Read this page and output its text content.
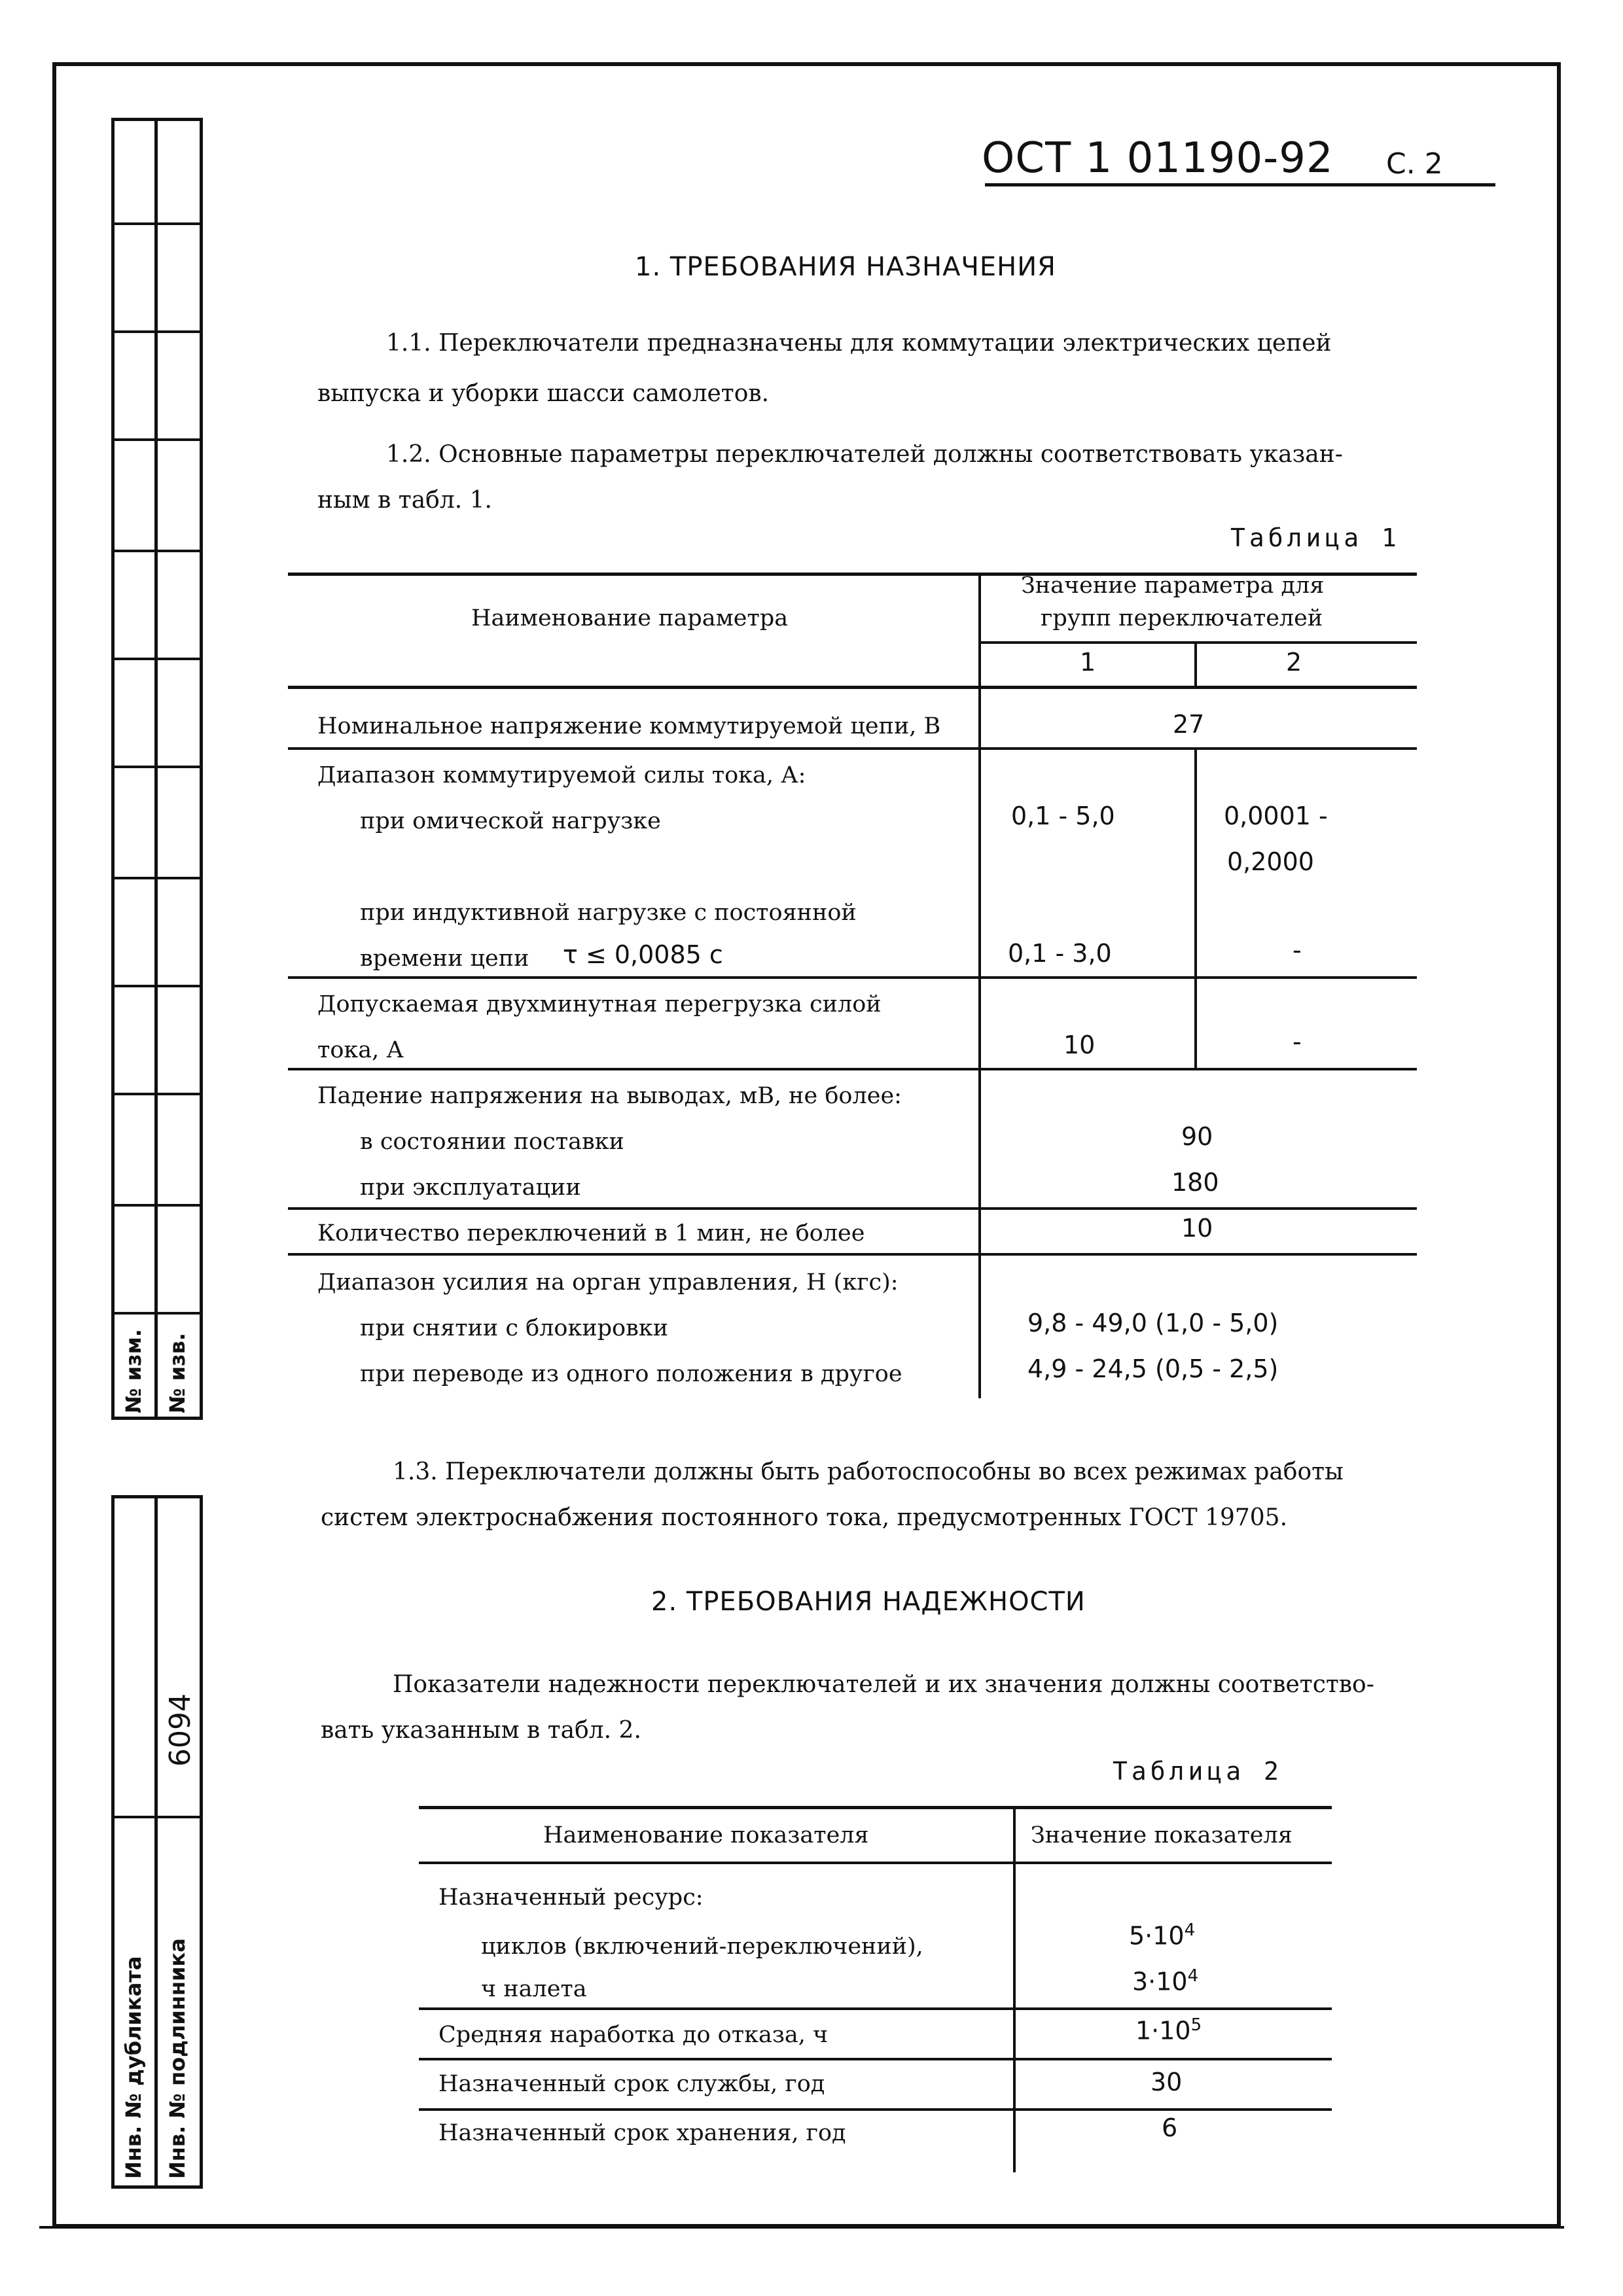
№ изм. № изв.
6094
Инв. № дубликата Инв. № подлинника
ОСТ 1 01190-92 С. 2
1. ТРЕБОВАНИЯ НАЗНАЧЕНИЯ
1.1. Переключатели предназначены для коммутации электрических цепей
выпуска и уборки шасси самолетов.
1.2. Основные параметры переключателей должны соответствовать указан-
ным в табл. 1.
Таблица 1
Наименование параметра
Значение параметра для
групп переключателей
1	2
Номинальное напряжение коммутируемой цепи, В	27
Диапазон коммутируемой силы тока, А:
при омической нагрузке	0,1 - 5,0	0,0001 -
0,2000
при индуктивной нагрузке с постоянной
времени цепи τ ≤ 0,0085 с	0,1 - 3,0	-
Допускаемая двухминутная перегрузка силой
тока, А	10	-
Падение напряжения на выводах, мВ, не более:
в состоянии поставки	90
при эксплуатации	180
Количество переключений в 1 мин, не более	10
Диапазон усилия на орган управления, Н (кгс):
при снятии с блокировки	9,8 - 49,0 (1,0 - 5,0)
при переводе из одного положения в другое	4,9 - 24,5 (0,5 - 2,5)
1.3. Переключатели должны быть работоспособны во всех режимах работы
систем электроснабжения постоянного тока, предусмотренных ГОСТ 19705.
2. ТРЕБОВАНИЯ НАДЕЖНОСТИ
Показатели надежности переключателей и их значения должны соответство-
вать указанным в табл. 2.
Таблица 2
Наименование показателя	Значение показателя
Назначенный ресурс:
циклов (включений-переключений),	$5\cdot 10^4$
ч налета	$3\cdot 10^4$
Средняя наработка до отказа, ч	$1\cdot 10^5$
Назначенный срок службы, год	30
Назначенный срок хранения, год	6
